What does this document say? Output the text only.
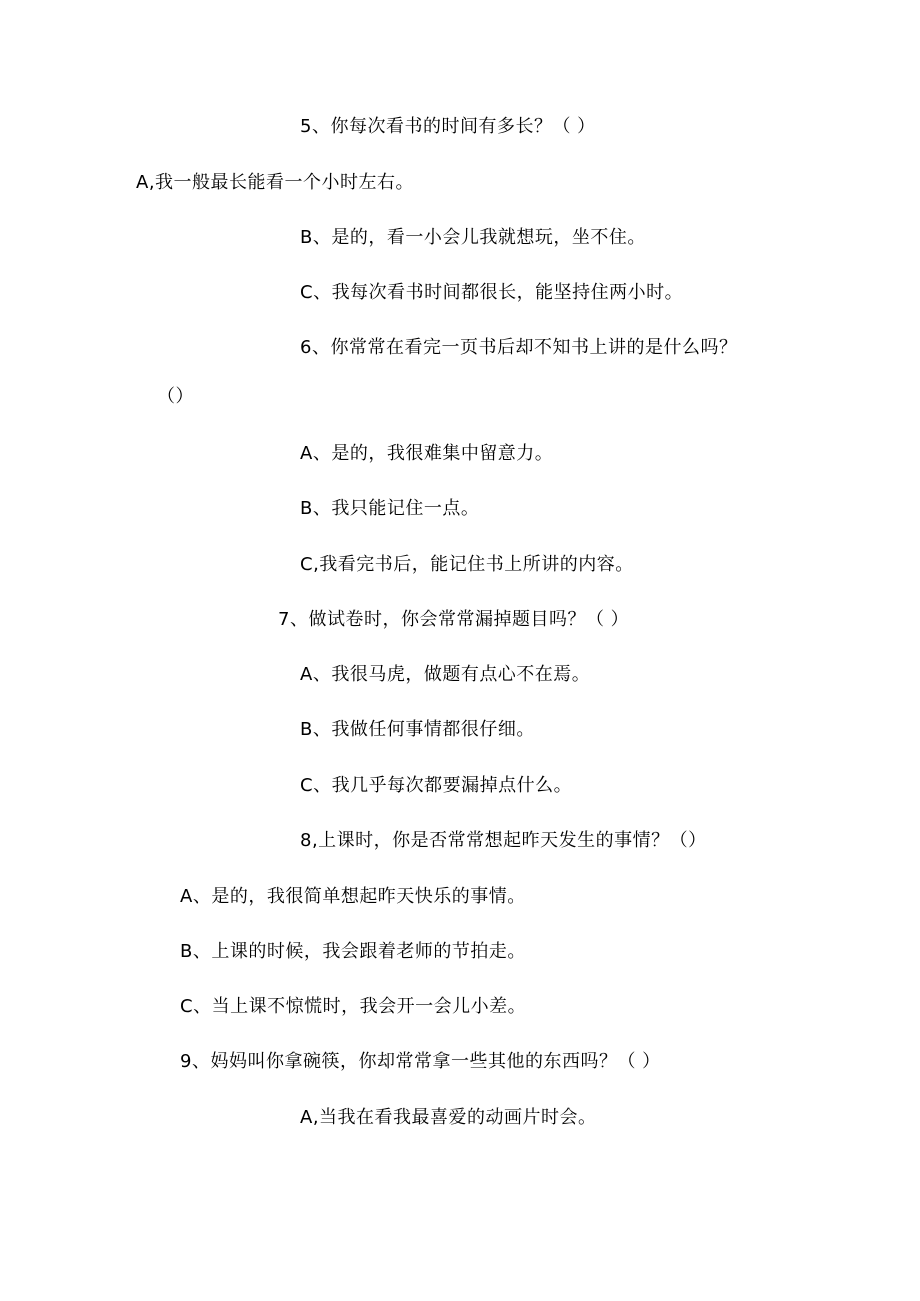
5、你每次看书的时间有多长？（ ）
A,我一般最长能看一个小时左右。
B、是的，看一小会儿我就想玩，坐不住。
C、我每次看书时间都很长，能坚持住两小时。
6、你常常在看完一页书后却不知书上讲的是什么吗？
（）
A、是的，我很难集中留意力。
B、我只能记住一点。
C,我看完书后，能记住书上所讲的内容。
7、做试卷时，你会常常漏掉题目吗？（ ）
A、我很马虎，做题有点心不在焉。
B、我做任何事情都很仔细。
C、我几乎每次都要漏掉点什么。
8,上课时，你是否常常想起昨天发生的事情？（）
A、是的，我很简单想起昨天快乐的事情。
B、上课的时候，我会跟着老师的节拍走。
C、当上课不惊慌时，我会开一会儿小差。
9、妈妈叫你拿碗筷，你却常常拿一些其他的东西吗？（ ）
A,当我在看我最喜爱的动画片时会。
